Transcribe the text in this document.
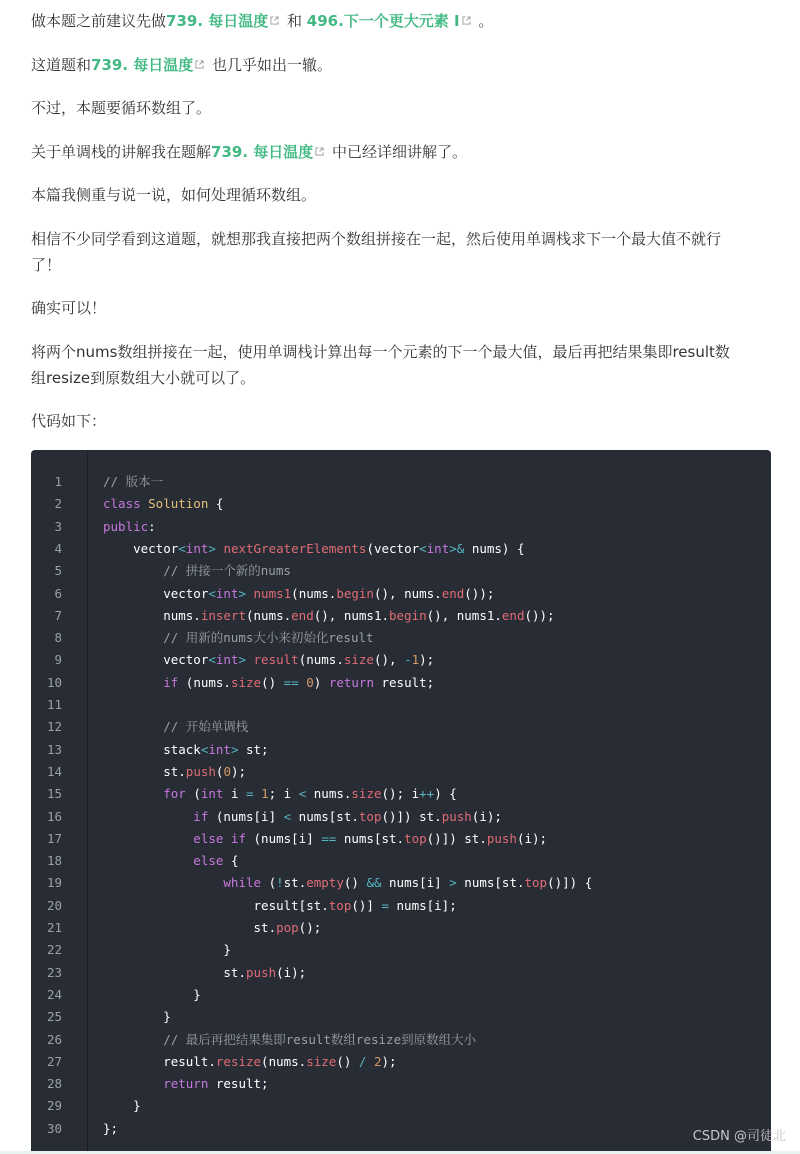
做本题之前建议先做739. 每日温度
和 496.下一个更大元素 I
。
这道题和739. 每日温度
也几乎如出一辙。
不过，本题要循环数组了。
关于单调栈的讲解我在题解739. 每日温度
中已经详细讲解了。
本篇我侧重与说一说，如何处理循环数组。
相信不少同学看到这道题，就想那我直接把两个数组拼接在一起，然后使用单调栈求下一个最大值不就行
了！
确实可以！
将两个nums数组拼接在一起，使用单调栈计算出每一个元素的下一个最大值，最后再把结果集即result数
组resize到原数组大小就可以了。
代码如下：
1
2
3
4
5
6
7
8
9
10
11
12
13
14
15
16
17
18
19
20
21
22
23
24
25
26
27
28
29
30
// 版本一
class Solution {
public:
vector<int> nextGreaterElements(vector<int>& nums) {
// 拼接一个新的nums
vector<int> nums1(nums.begin(), nums.end());
nums.insert(nums.end(), nums1.begin(), nums1.end());
// 用新的nums大小来初始化result
vector<int> result(nums.size(), -1);
if (nums.size() == 0) return result;
// 开始单调栈
stack<int> st;
st.push(0);
for (int i = 1; i < nums.size(); i++) {
if (nums[i] < nums[st.top()]) st.push(i);
else if (nums[i] == nums[st.top()]) st.push(i);
else {
while (!st.empty() && nums[i] > nums[st.top()]) {
result[st.top()] = nums[i];
st.pop();
}
st.push(i);
}
}
// 最后再把结果集即result数组resize到原数组大小
result.resize(nums.size() / 2);
return result;
}
};
CSDN @司徒北
